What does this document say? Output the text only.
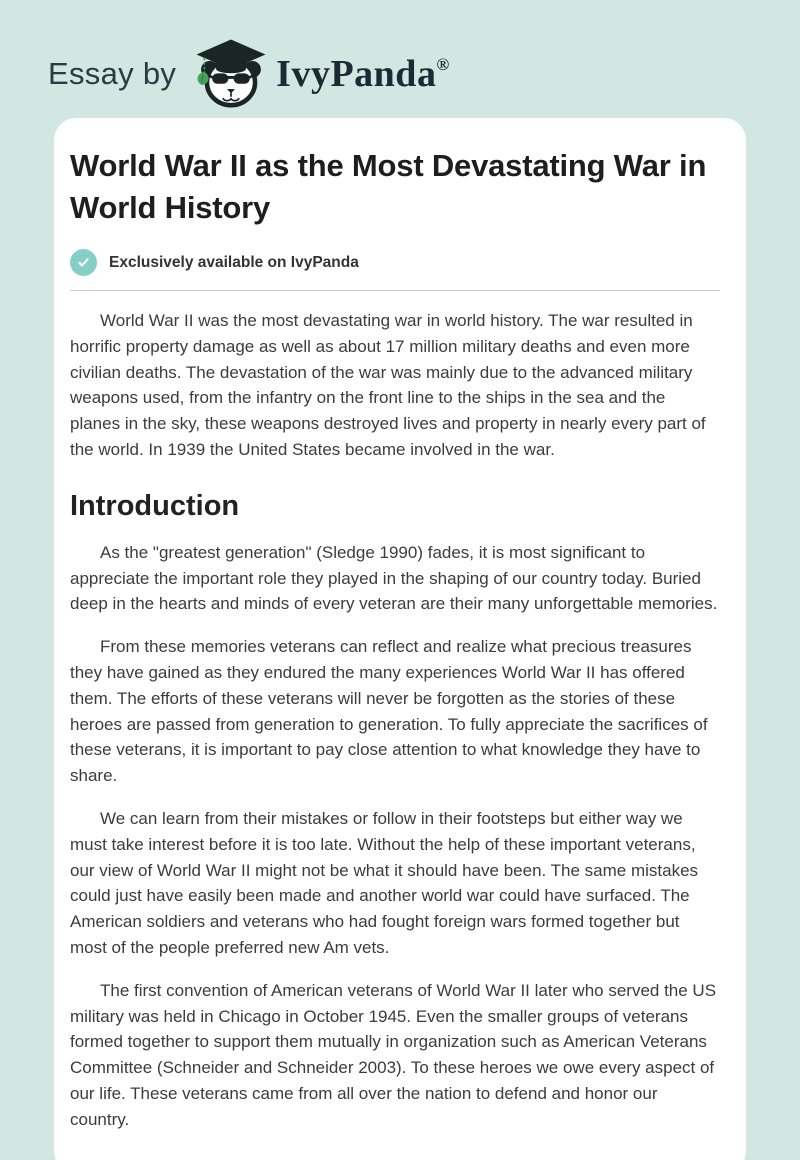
Essay by	IvyPanda®
World War II as the Most Devastating War in World History
Exclusively available on IvyPanda

World War II was the most devastating war in world history. The war resulted in horrific property damage as well as about 17 million military deaths and even more civilian deaths. The devastation of the war was mainly due to the advanced military weapons used, from the infantry on the front line to the ships in the sea and the planes in the sky, these weapons destroyed lives and property in nearly every part of the world. In 1939 the United States became involved in the war.

Introduction

As the "greatest generation" (Sledge 1990) fades, it is most significant to appreciate the important role they played in the shaping of our country today. Buried deep in the hearts and minds of every veteran are their many unforgettable memories.

From these memories veterans can reflect and realize what precious treasures they have gained as they endured the many experiences World War II has offered them. The efforts of these veterans will never be forgotten as the stories of these heroes are passed from generation to generation. To fully appreciate the sacrifices of these veterans, it is important to pay close attention to what knowledge they have to share.

We can learn from their mistakes or follow in their footsteps but either way we must take interest before it is too late. Without the help of these important veterans, our view of World War II might not be what it should have been. The same mistakes could just have easily been made and another world war could have surfaced. The American soldiers and veterans who had fought foreign wars formed together but most of the people preferred new Am vets.

The first convention of American veterans of World War II later who served the US military was held in Chicago in October 1945. Even the smaller groups of veterans formed together to support them mutually in organization such as American Veterans Committee (Schneider and Schneider 2003). To these heroes we owe every aspect of our life. These veterans came from all over the nation to defend and honor our country.
